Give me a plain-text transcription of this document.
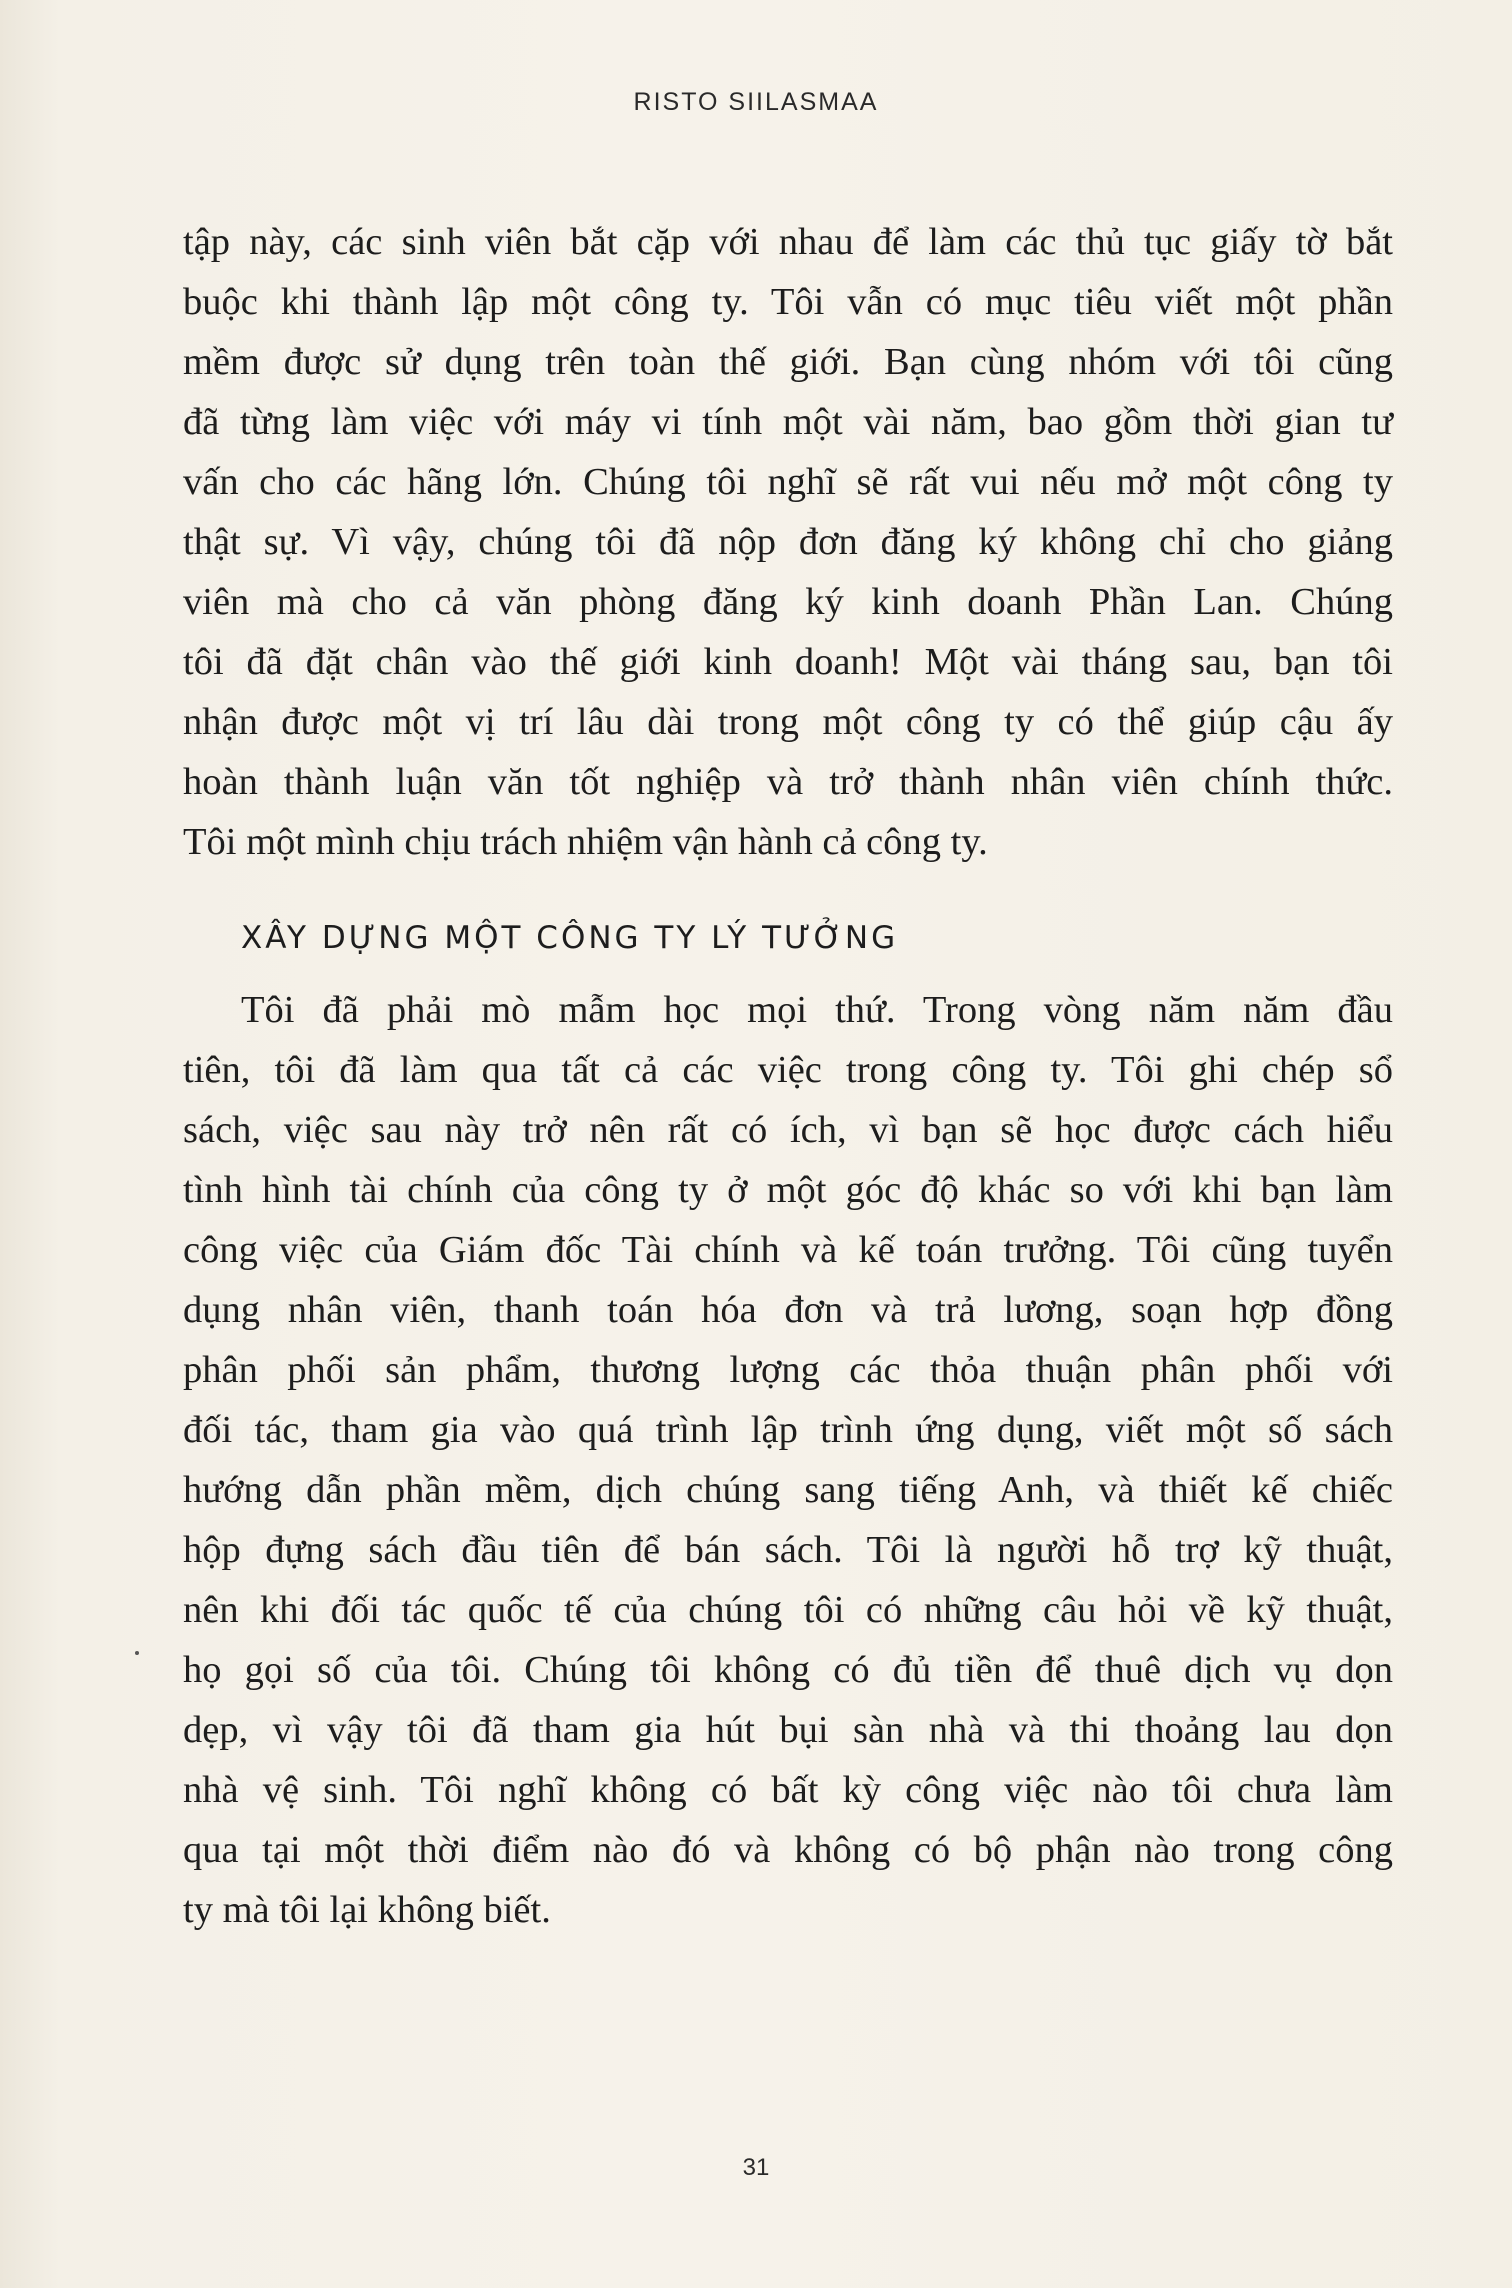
RISTO SIILASMAA
tập này, các sinh viên bắt cặp với nhau để làm các thủ tục giấy tờ bắt
buộc khi thành lập một công ty. Tôi vẫn có mục tiêu viết một phần
mềm được sử dụng trên toàn thế giới. Bạn cùng nhóm với tôi cũng
đã từng làm việc với máy vi tính một vài năm, bao gồm thời gian tư
vấn cho các hãng lớn. Chúng tôi nghĩ sẽ rất vui nếu mở một công ty
thật sự. Vì vậy, chúng tôi đã nộp đơn đăng ký không chỉ cho giảng
viên mà cho cả văn phòng đăng ký kinh doanh Phần Lan. Chúng
tôi đã đặt chân vào thế giới kinh doanh! Một vài tháng sau, bạn tôi
nhận được một vị trí lâu dài trong một công ty có thể giúp cậu ấy
hoàn thành luận văn tốt nghiệp và trở thành nhân viên chính thức.
Tôi một mình chịu trách nhiệm vận hành cả công ty.
XÂY DỰNG MỘT CÔNG TY LÝ TƯỞNG
Tôi đã phải mò mẫm học mọi thứ. Trong vòng năm năm đầu
tiên, tôi đã làm qua tất cả các việc trong công ty. Tôi ghi chép sổ
sách, việc sau này trở nên rất có ích, vì bạn sẽ học được cách hiểu
tình hình tài chính của công ty ở một góc độ khác so với khi bạn làm
công việc của Giám đốc Tài chính và kế toán trưởng. Tôi cũng tuyển
dụng nhân viên, thanh toán hóa đơn và trả lương, soạn hợp đồng
phân phối sản phẩm, thương lượng các thỏa thuận phân phối với
đối tác, tham gia vào quá trình lập trình ứng dụng, viết một số sách
hướng dẫn phần mềm, dịch chúng sang tiếng Anh, và thiết kế chiếc
hộp đựng sách đầu tiên để bán sách. Tôi là người hỗ trợ kỹ thuật,
nên khi đối tác quốc tế của chúng tôi có những câu hỏi về kỹ thuật,
họ gọi số của tôi. Chúng tôi không có đủ tiền để thuê dịch vụ dọn
dẹp, vì vậy tôi đã tham gia hút bụi sàn nhà và thi thoảng lau dọn
nhà vệ sinh. Tôi nghĩ không có bất kỳ công việc nào tôi chưa làm
qua tại một thời điểm nào đó và không có bộ phận nào trong công
ty mà tôi lại không biết.
31
